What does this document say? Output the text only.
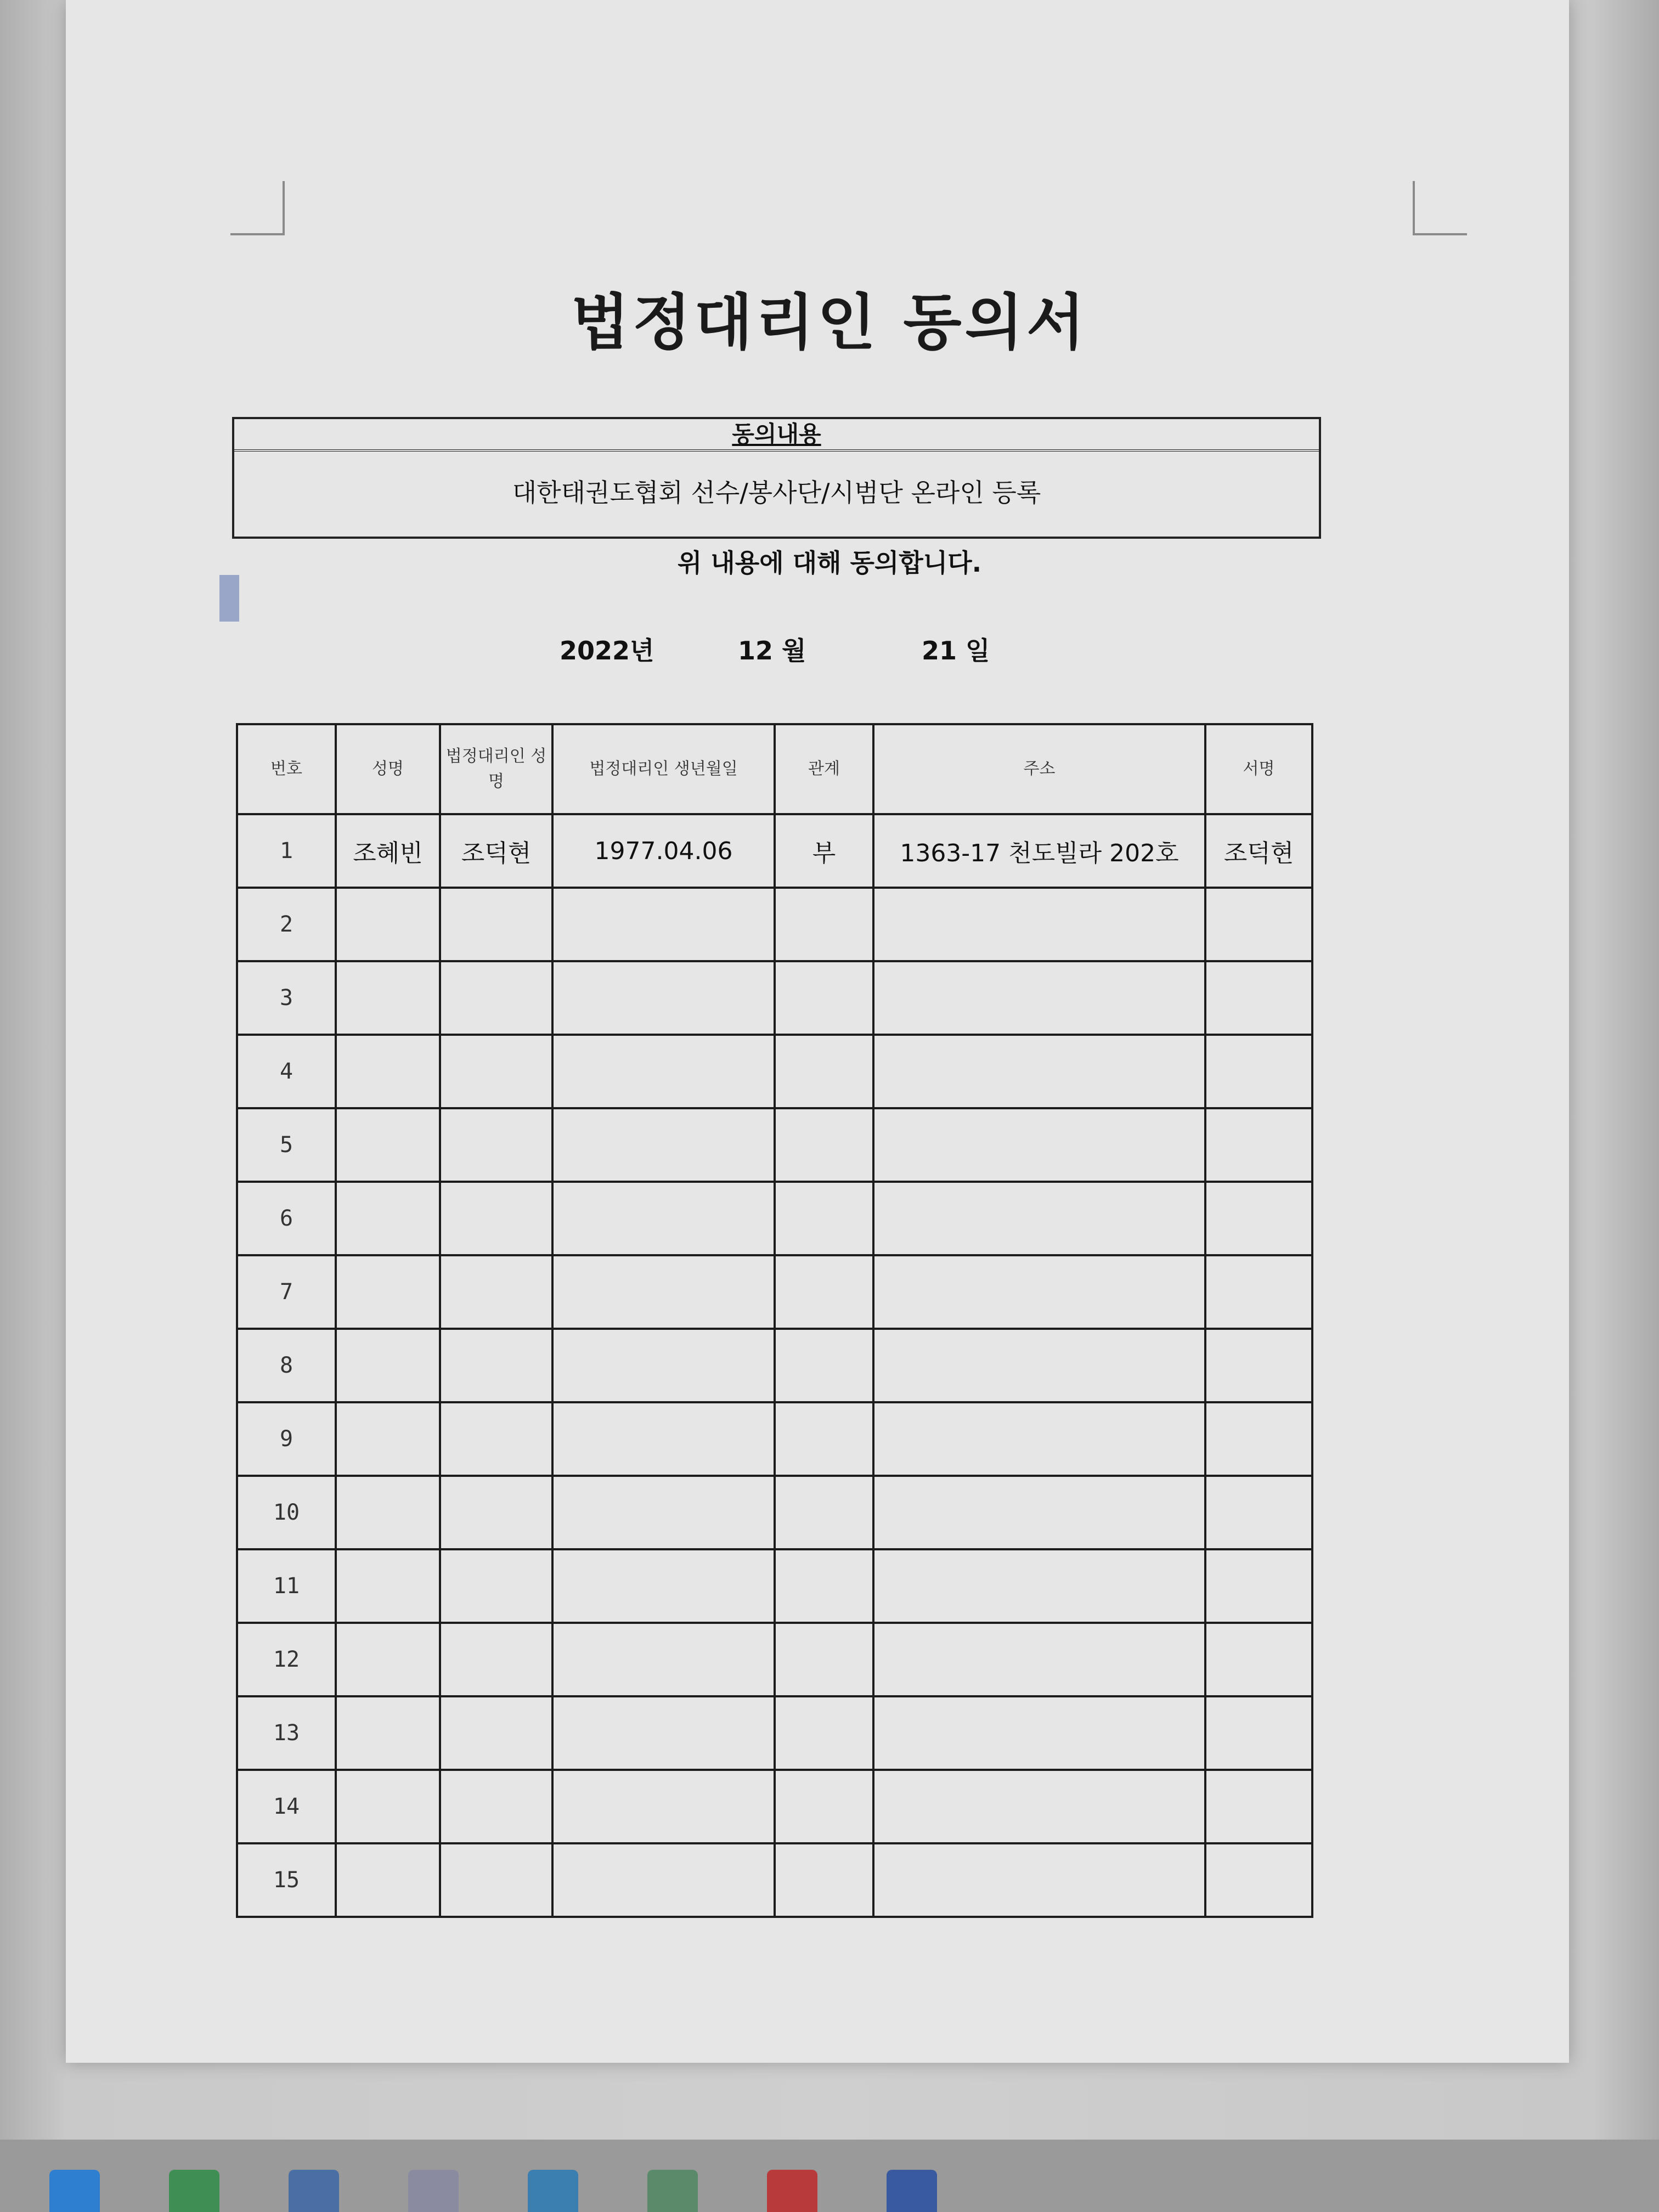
법정대리인 동의서
동의내용
대한태권도협회 선수/봉사단/시범단 온라인 등록
위 내용에 대해 동의합니다.
2022년	12 월	21 일
번호	성명	법정대리인 성명	법정대리인 생년월일	관계	주소	서명
1	조혜빈	조덕현	1977.04.06	부	1363-17 천도빌라 202호	조덕현
2						
3						
4						
5						
6						
7						
8						
9						
10						
11						
12						
13						
14						
15						
